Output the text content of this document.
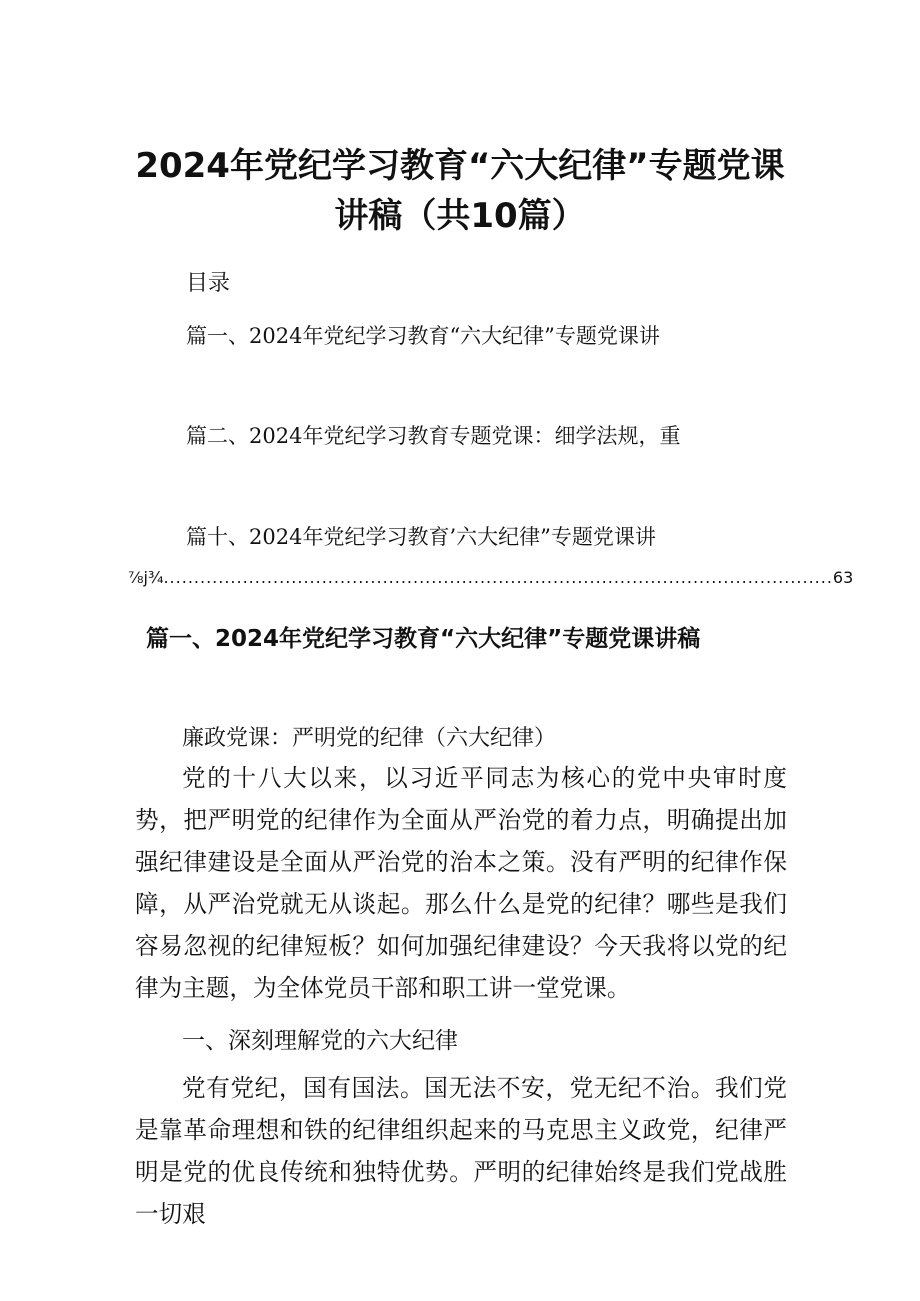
2024年党纪学习教育“六大纪律”专题党课
讲稿（共10篇）
目录
篇一、2024年党纪学习教育“六大纪律”专题党课讲
篇二、2024年党纪学习教育专题党课：细学法规，重
篇十、2024年党纪学习教育’六大纪律”专题党课讲
⅞j¾ .............................................................................................................. 63
篇一、2024年党纪学习教育“六大纪律”专题党课讲稿
廉政党课：严明党的纪律（六大纪律）
党的十八大以来，以习近平同志为核心的党中央审时度势，把严明党的纪律作为全面从严治党的着力点，明确提出加强纪律建设是全面从严治党的治本之策。没有严明的纪律作保障，从严治党就无从谈起。那么什么是党的纪律？哪些是我们容易忽视的纪律短板？如何加强纪律建设？今天我将以党的纪律为主题，为全体党员干部和职工讲一堂党课。
一、深刻理解党的六大纪律
党有党纪，国有国法。国无法不安，党无纪不治。我们党是靠革命理想和铁的纪律组织起来的马克思主义政党，纪律严明是党的优良传统和独特优势。严明的纪律始终是我们党战胜一切艰
